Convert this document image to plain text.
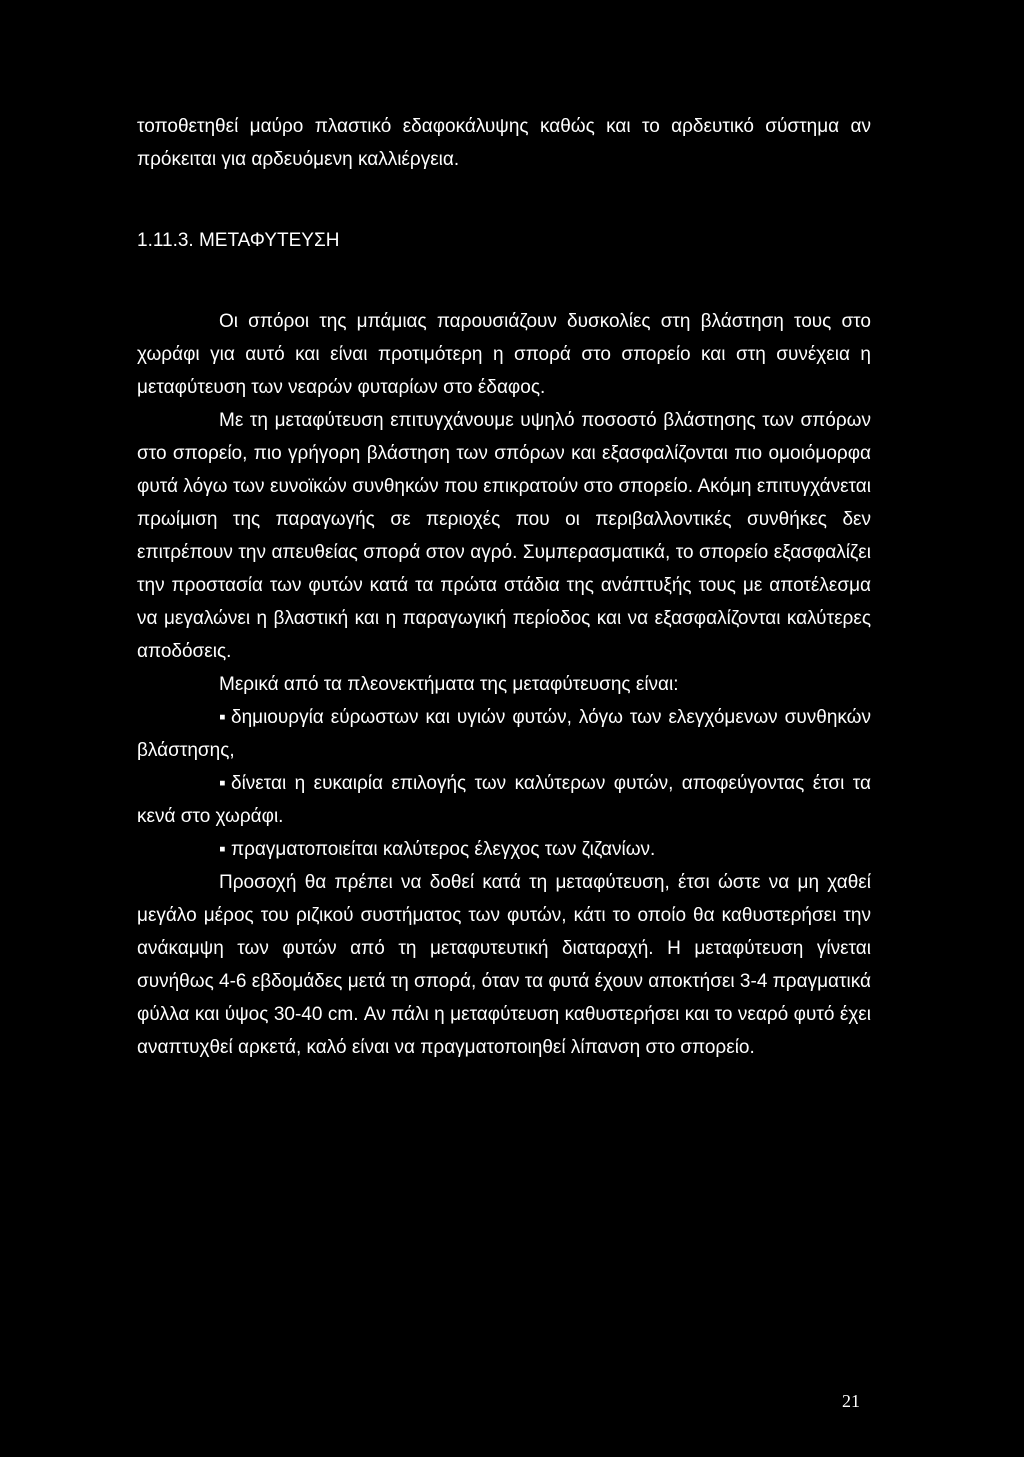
τοποθετηθεί μαύρο πλαστικό εδαφοκάλυψης καθώς και το αρδευτικό σύστημα αν πρόκειται για αρδευόμενη καλλιέργεια.

1.11.3. ΜΕΤΑΦΥΤΕΥΣΗ

Οι σπόροι της μπάμιας παρουσιάζουν δυσκολίες στη βλάστηση τους στο χωράφι για αυτό και είναι προτιμότερη η σπορά στο σπορείο και στη συνέχεια η μεταφύτευση των νεαρών φυταρίων στο έδαφος.

Με τη μεταφύτευση επιτυγχάνουμε υψηλό ποσοστό βλάστησης των σπόρων στο σπορείο, πιο γρήγορη βλάστηση των σπόρων και εξασφαλίζονται πιο ομοιόμορφα φυτά λόγω των ευνοϊκών συνθηκών που επικρατούν στο σπορείο. Ακόμη επιτυγχάνεται πρωίμιση της παραγωγής σε περιοχές που οι περιβαλλοντικές συνθήκες δεν επιτρέπουν την απευθείας σπορά στον αγρό. Συμπερασματικά, το σπορείο εξασφαλίζει την προστασία των φυτών κατά τα πρώτα στάδια της ανάπτυξής τους με αποτέλεσμα να μεγαλώνει η βλαστική και η παραγωγική περίοδος και να εξασφαλίζονται καλύτερες αποδόσεις.

Μερικά από τα πλεονεκτήματα της μεταφύτευσης είναι:

▪ δημιουργία εύρωστων και υγιών φυτών, λόγω των ελεγχόμενων συνθηκών βλάστησης,

▪ δίνεται η ευκαιρία επιλογής των καλύτερων φυτών, αποφεύγοντας έτσι τα κενά στο χωράφι.

▪ πραγματοποιείται καλύτερος έλεγχος των ζιζανίων.

Προσοχή θα πρέπει να δοθεί κατά τη μεταφύτευση, έτσι ώστε να μη χαθεί μεγάλο μέρος του ριζικού συστήματος των φυτών, κάτι το οποίο θα καθυστερήσει την ανάκαμψη των φυτών από τη μεταφυτευτική διαταραχή. Η μεταφύτευση γίνεται συνήθως 4-6 εβδομάδες μετά τη σπορά, όταν τα φυτά έχουν αποκτήσει 3-4 πραγματικά φύλλα και ύψος 30-40 cm. Αν πάλι η μεταφύτευση καθυστερήσει και το νεαρό φυτό έχει αναπτυχθεί αρκετά, καλό είναι να πραγματοποιηθεί λίπανση στο σπορείο.

21
